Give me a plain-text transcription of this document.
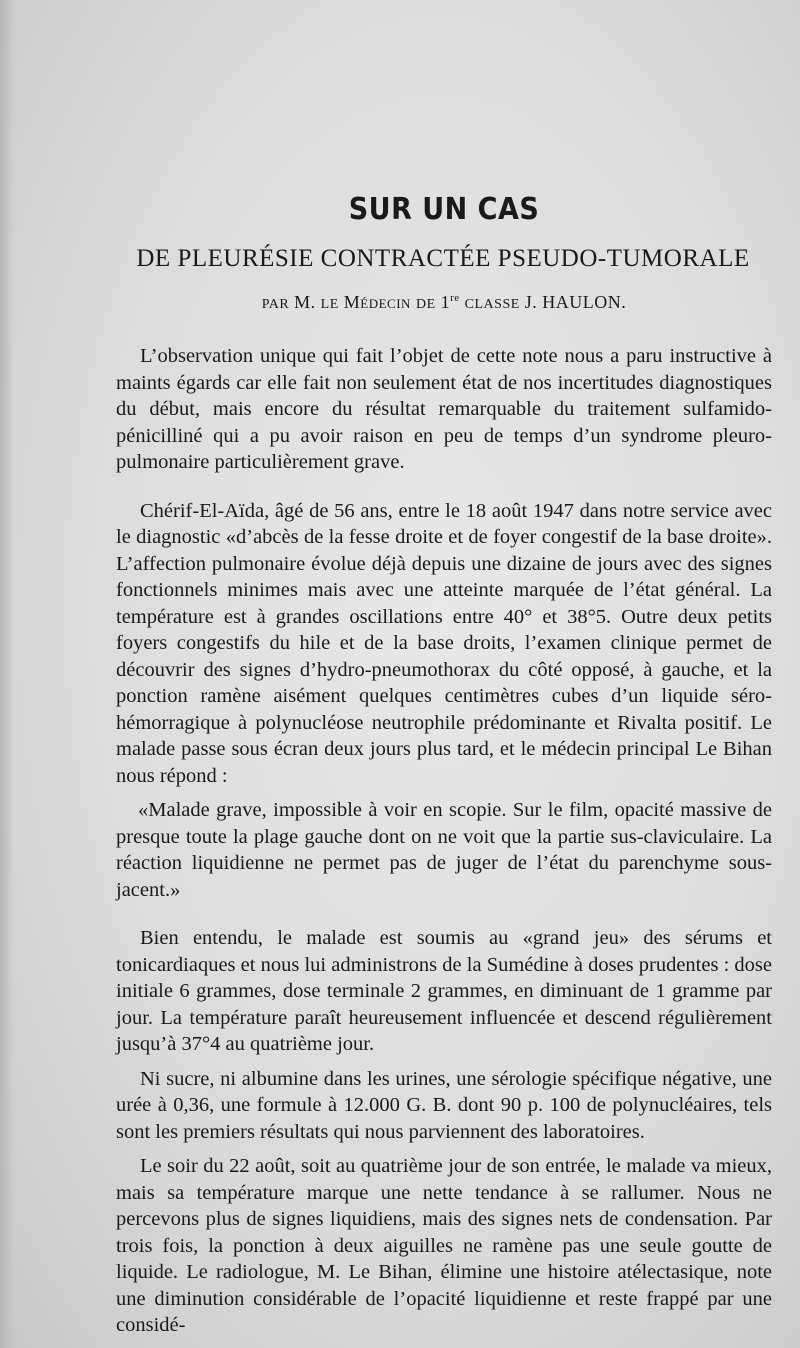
SUR UN CAS
DE PLEURÉSIE CONTRACTÉE PSEUDO-TUMORALE
PAR M. LE Médecin DE 1re CLASSE J. HAULON.

L’observation unique qui fait l’objet de cette note nous a paru instructive à maints égards car elle fait non seulement état de nos incertitudes diagnostiques du début, mais encore du résultat remarquable du traitement sulfamido-pénicilliné qui a pu avoir raison en peu de temps d’un syndrome pleuro-pulmonaire particulièrement grave.

Chérif-El-Aïda, âgé de 56 ans, entre le 18 août 1947 dans notre service avec le diagnostic «d’abcès de la fesse droite et de foyer congestif de la base droite». L’affection pulmonaire évolue déjà depuis une dizaine de jours avec des signes fonctionnels minimes mais avec une atteinte marquée de l’état général. La température est à grandes oscillations entre 40° et 38°5. Outre deux petits foyers congestifs du hile et de la base droits, l’examen clinique permet de découvrir des signes d’hydro-pneumothorax du côté opposé, à gauche, et la ponction ramène aisément quelques centimètres cubes d’un liquide séro-hémorragique à polynucléose neutrophile prédominante et Rivalta positif. Le malade passe sous écran deux jours plus tard, et le médecin principal Le Bihan nous répond :

«Malade grave, impossible à voir en scopie. Sur le film, opacité massive de presque toute la plage gauche dont on ne voit que la partie sus-claviculaire. La réaction liquidienne ne permet pas de juger de l’état du parenchyme sous-jacent.»

Bien entendu, le malade est soumis au «grand jeu» des sérums et tonicardiaques et nous lui administrons de la Sumédine à doses prudentes : dose initiale 6 grammes, dose terminale 2 grammes, en diminuant de 1 gramme par jour. La température paraît heureusement influencée et descend régulièrement jusqu’à 37°4 au quatrième jour.

Ni sucre, ni albumine dans les urines, une sérologie spécifique négative, une urée à 0,36, une formule à 12.000 G. B. dont 90 p. 100 de polynucléaires, tels sont les premiers résultats qui nous parviennent des laboratoires.

Le soir du 22 août, soit au quatrième jour de son entrée, le malade va mieux, mais sa température marque une nette tendance à se rallumer. Nous ne percevons plus de signes liquidiens, mais des signes nets de condensation. Par trois fois, la ponction à deux aiguilles ne ramène pas une seule goutte de liquide. Le radiologue, M. Le Bihan, élimine une histoire atélectasique, note une diminution considérable de l’opacité liquidienne et reste frappé par une considé-
